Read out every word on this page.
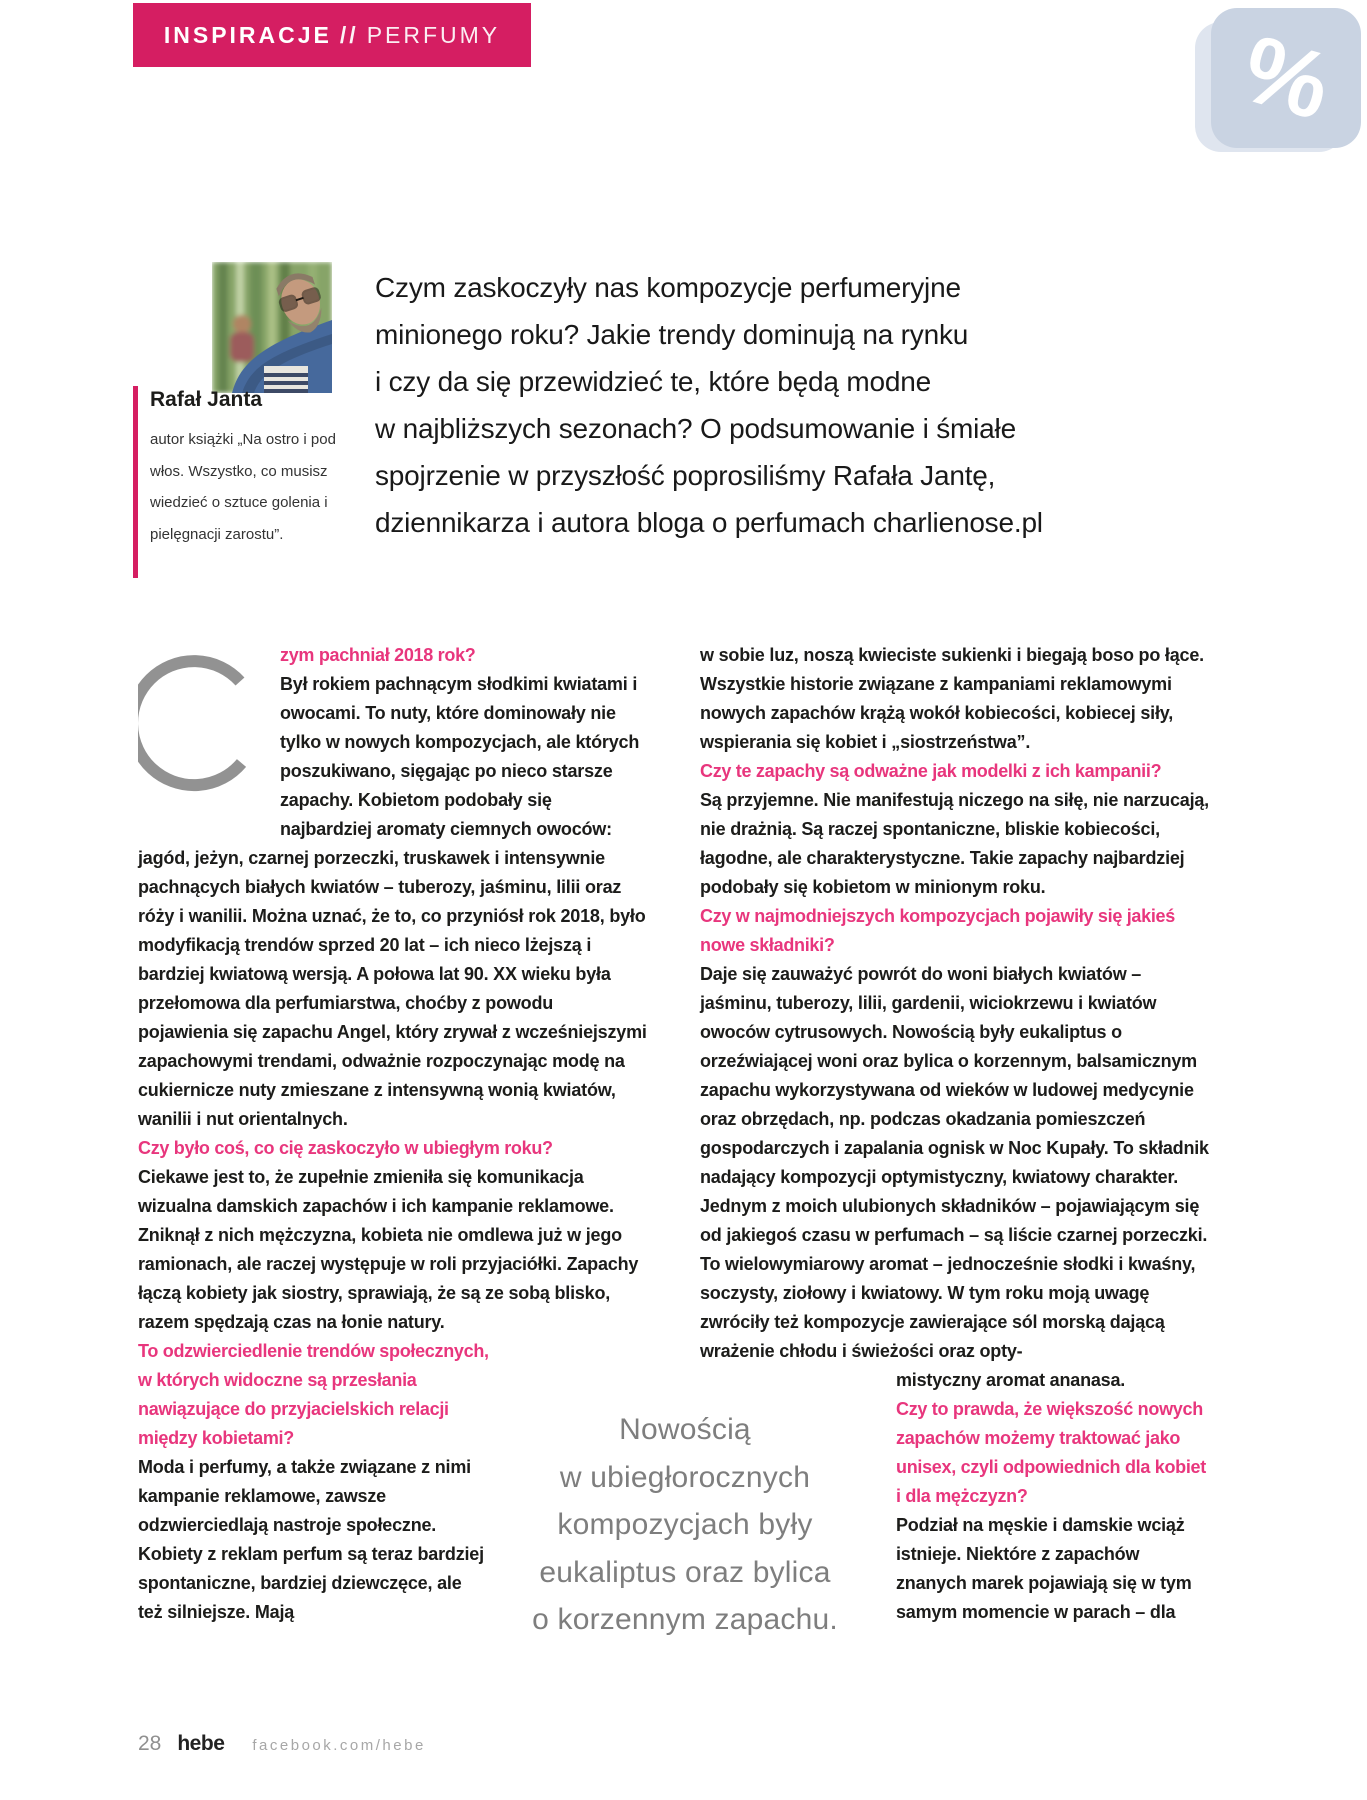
INSPIRACJE // PERFUMY	%
Rafał Janta
autor książki „Na ostro i pod włos. Wszystko, co musisz wiedzieć o sztuce golenia i pielęgnacji zarostu”.
Czym zaskoczyły nas kompozycje perfumeryjne
minionego roku? Jakie trendy dominują na rynku
i czy da się przewidzieć te, które będą modne
w najbliższych sezonach? O podsumowanie i śmiałe
spojrzenie w przyszłość poprosiliśmy Rafała Jantę,
dziennikarza i autora bloga o perfumach charlienose.pl
zym pachniał 2018 rok?

Był rokiem pachnącym słodkimi kwiatami i owocami. To nuty, które dominowały nie tylko w nowych kompozycjach, ale których poszukiwano, sięgając po nieco starsze zapachy. Kobietom podobały się najbardziej aromaty ciemnych owoców: jagód, jeżyn, czarnej porzeczki, truskawek i intensywnie pachnących białych kwiatów – tuberozy, jaśminu, lilii oraz róży i wanilii. Można uznać, że to, co przyniósł rok 2018, było modyfikacją trendów sprzed 20 lat – ich nieco lżejszą i bardziej kwiatową wersją. A połowa lat 90. XX wieku była przełomowa dla perfumiarstwa, choćby z powodu pojawienia się zapachu Angel, który zrywał z wcześniejszymi zapachowymi trendami, odważnie rozpoczynając modę na cukiernicze nuty zmieszane z intensywną wonią kwiatów, wanilii i nut orientalnych.

Czy było coś, co cię zaskoczyło w ubiegłym roku?

Ciekawe jest to, że zupełnie zmieniła się komunikacja wizualna damskich zapachów i ich kampanie reklamowe. Zniknął z nich mężczyzna, kobieta nie omdlewa już w jego ramionach, ale raczej występuje w roli przyjaciółki. Zapachy łączą kobiety jak siostry, sprawiają, że są ze sobą blisko, razem spędzają czas na łonie natury.

To odzwierciedlenie trendów społecznych, w których widoczne są przesłania nawiązujące do przyjacielskich relacji między kobietami?

Moda i perfumy, a także związane z nimi kampanie reklamowe, zawsze odzwierciedlają nastroje społeczne. Kobiety z reklam perfum są teraz bardziej spontaniczne, bardziej dziewczęce, ale też silniejsze. Mają

w sobie luz, noszą kwieciste sukienki i biegają boso po łące. Wszystkie historie związane z kampaniami reklamowymi nowych zapachów krążą wokół kobiecości, kobiecej siły, wspierania się kobiet i „siostrzeństwa”.

Czy te zapachy są odważne jak modelki z ich kampanii?

Są przyjemne. Nie manifestują niczego na siłę, nie narzucają, nie drażnią. Są raczej spontaniczne, bliskie kobiecości, łagodne, ale charakterystyczne. Takie zapachy najbardziej podobały się kobietom w minionym roku.

Czy w najmodniejszych kompozycjach pojawiły się jakieś nowe składniki?

Daje się zauważyć powrót do woni białych kwiatów – jaśminu, tuberozy, lilii, gardenii, wiciokrzewu i kwiatów owoców cytrusowych. Nowością były eukaliptus o orzeźwiającej woni oraz bylica o korzennym, balsamicznym zapachu wykorzystywana od wieków w ludowej medycynie oraz obrzędach, np. podczas okadzania pomieszczeń gospodarczych i zapalania ognisk w Noc Kupały. To składnik nadający kompozycji optymistyczny, kwiatowy charakter. Jednym z moich ulubionych składników – pojawiającym się od jakiegoś czasu w perfumach – są liście czarnej porzeczki. To wielowymiarowy aromat – jednocześnie słodki i kwaśny, soczysty, ziołowy i kwiatowy. W tym roku moją uwagę zwróciły też kompozycje zawierające sól morską dającą wrażenie chłodu i świeżości oraz opty-

mistyczny aromat ananasa.

Czy to prawda, że większość nowych zapachów możemy traktować jako unisex, czyli odpowiednich dla kobiet i dla mężczyzn?

Podział na męskie i damskie wciąż istnieje. Niektóre z zapachów znanych marek pojawiają się w tym samym momencie w parach – dla

Nowością
w ubiegłorocznych
kompozycjach były
eukaliptus oraz bylica
o korzennym zapachu.
28 hebe facebook.com/hebe
